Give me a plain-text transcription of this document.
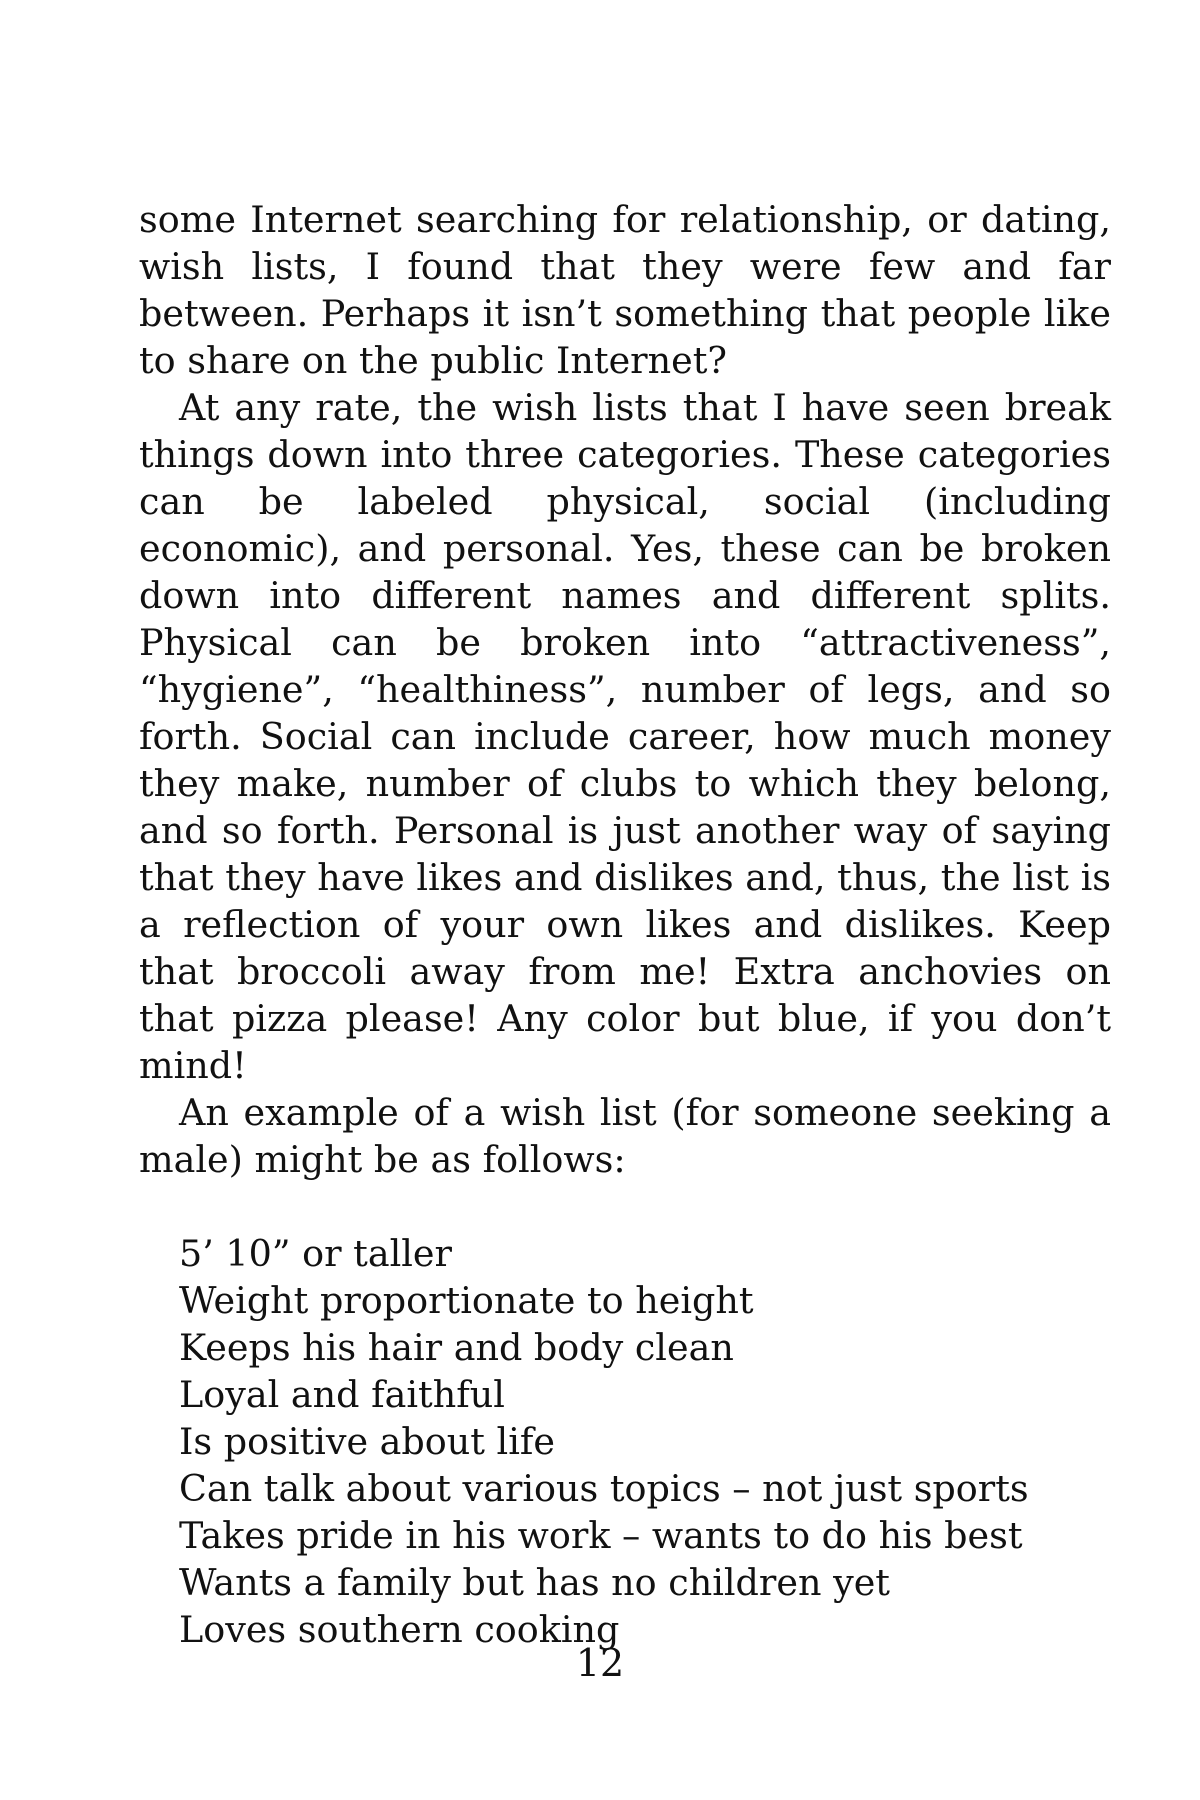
some Internet searching for relationship, or dating, wish lists, I found that they were few and far between. Perhaps it isn’t something that people like to share on the public Internet?

At any rate, the wish lists that I have seen break things down into three categories. These categories can be labeled physical, social (including economic), and personal. Yes, these can be broken down into different names and different splits. Physical can be broken into “attractiveness”, “hygiene”, “healthiness”, number of legs, and so forth. Social can include career, how much money they make, number of clubs to which they belong, and so forth. Personal is just another way of saying that they have likes and dislikes and, thus, the list is a reflection of your own likes and dislikes. Keep that broccoli away from me! Extra anchovies on that pizza please! Any color but blue, if you don’t mind!

An example of a wish list (for someone seeking a male) might be as follows:

5’ 10” or taller
Weight proportionate to height
Keeps his hair and body clean
Loyal and faithful
Is positive about life
Can talk about various topics – not just sports
Takes pride in his work – wants to do his best
Wants a family but has no children yet
Loves southern cooking
12
